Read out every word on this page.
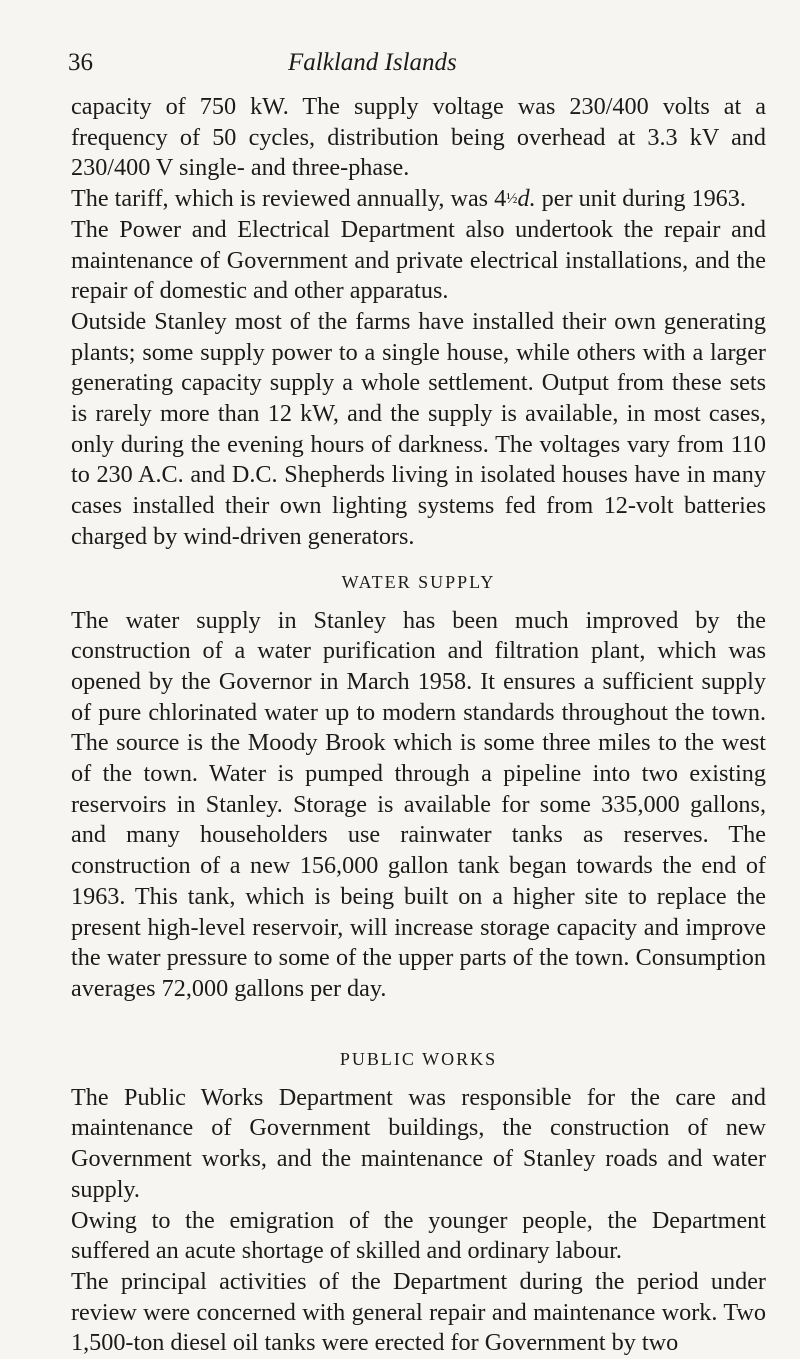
36	Falkland Islands

capacity of 750 kW. The supply voltage was 230/400 volts at a frequency of 50 cycles, distribution being overhead at 3.3 kV and 230/400 V single- and three-phase.

The tariff, which is reviewed annually, was 4½d. per unit during 1963.

The Power and Electrical Department also undertook the repair and maintenance of Government and private electrical installations, and the repair of domestic and other apparatus.

Outside Stanley most of the farms have installed their own generating plants; some supply power to a single house, while others with a larger generating capacity supply a whole settlement. Output from these sets is rarely more than 12 kW, and the supply is available, in most cases, only during the evening hours of darkness. The voltages vary from 110 to 230 A.C. and D.C. Shepherds living in isolated houses have in many cases installed their own lighting systems fed from 12-volt batteries charged by wind-driven generators.

WATER SUPPLY

The water supply in Stanley has been much improved by the construction of a water purification and filtration plant, which was opened by the Governor in March 1958. It ensures a sufficient supply of pure chlorinated water up to modern standards throughout the town. The source is the Moody Brook which is some three miles to the west of the town. Water is pumped through a pipeline into two existing reservoirs in Stanley. Storage is available for some 335,000 gallons, and many householders use rainwater tanks as reserves. The construction of a new 156,000 gallon tank began towards the end of 1963. This tank, which is being built on a higher site to replace the present high-level reservoir, will increase storage capacity and improve the water pressure to some of the upper parts of the town. Consumption averages 72,000 gallons per day.

PUBLIC WORKS

The Public Works Department was responsible for the care and maintenance of Government buildings, the construction of new Government works, and the maintenance of Stanley roads and water supply.

Owing to the emigration of the younger people, the Department suffered an acute shortage of skilled and ordinary labour.

The principal activities of the Department during the period under review were concerned with general repair and maintenance work. Two 1,500-ton diesel oil tanks were erected for Government by two
